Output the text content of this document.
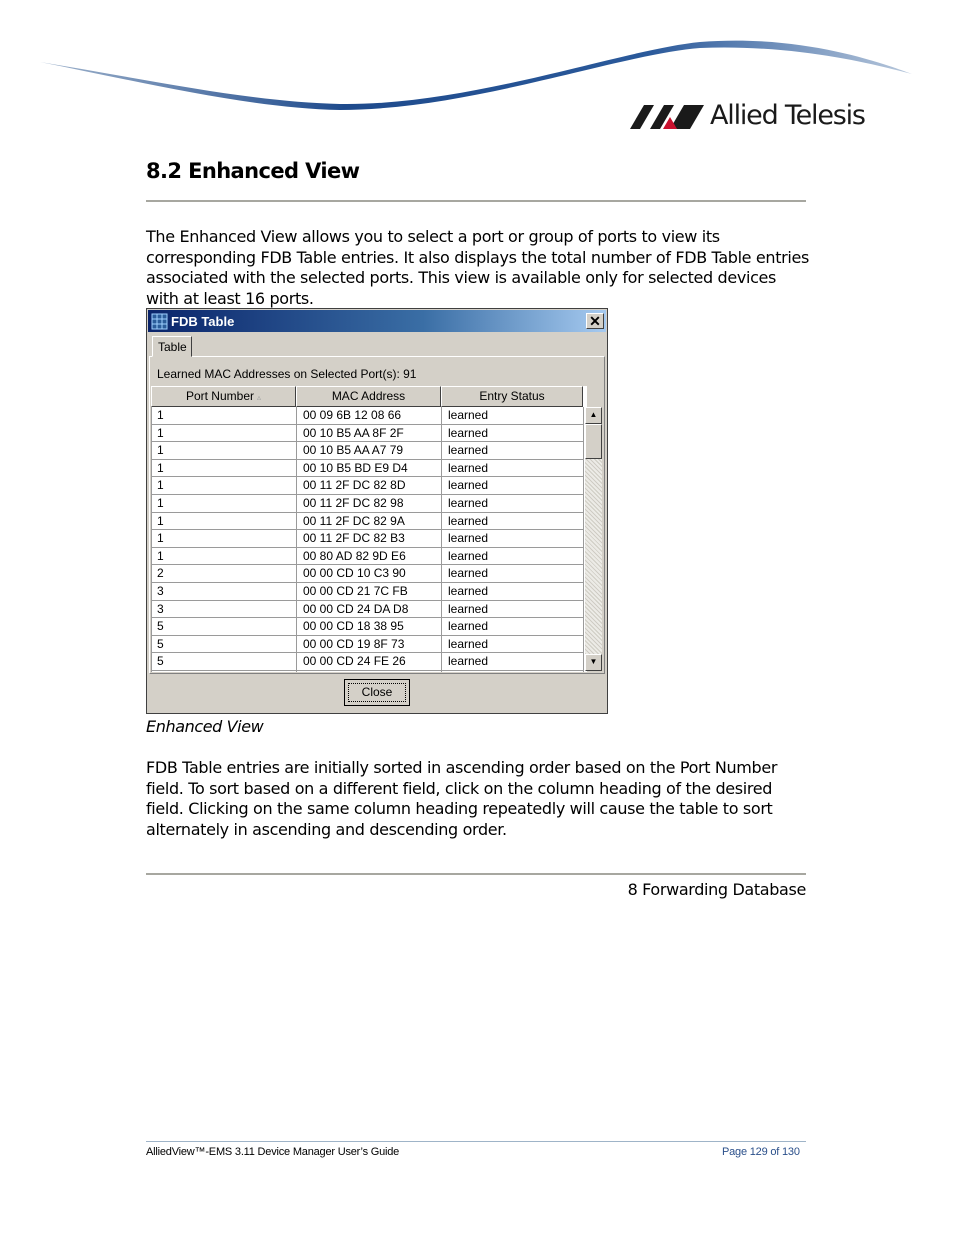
Allied Telesis
8.2 Enhanced View
The Enhanced View allows you to select a port or group of ports to view its corresponding FDB Table entries. It also displays the total number of FDB Table entries associated with the selected ports. This view is available only for selected devices with at least 16 ports.
FDB Table	✕
Table
Learned MAC Addresses on Selected Port(s): 91
Port Number ▵	MAC Address	Entry Status
1	00 09 6B 12 08 66	learned
1	00 10 B5 AA 8F 2F	learned
1	00 10 B5 AA A7 79	learned
1	00 10 B5 BD E9 D4	learned
1	00 11 2F DC 82 8D	learned
1	00 11 2F DC 82 98	learned
1	00 11 2F DC 82 9A	learned
1	00 11 2F DC 82 B3	learned
1	00 80 AD 82 9D E6	learned
2	00 00 CD 10 C3 90	learned
3	00 00 CD 21 7C FB	learned
3	00 00 CD 24 DA D8	learned
5	00 00 CD 18 38 95	learned
5	00 00 CD 19 8F 73	learned
5	00 00 CD 24 FE 26	learned
▲
▼
Close
Enhanced View
FDB Table entries are initially sorted in ascending order based on the Port Number field. To sort based on a different field, click on the column heading of the desired field. Clicking on the same column heading repeatedly will cause the table to sort alternately in ascending and descending order.
8 Forwarding Database
AlliedView™-EMS 3.11 Device Manager User’s Guide	Page 129 of 130
